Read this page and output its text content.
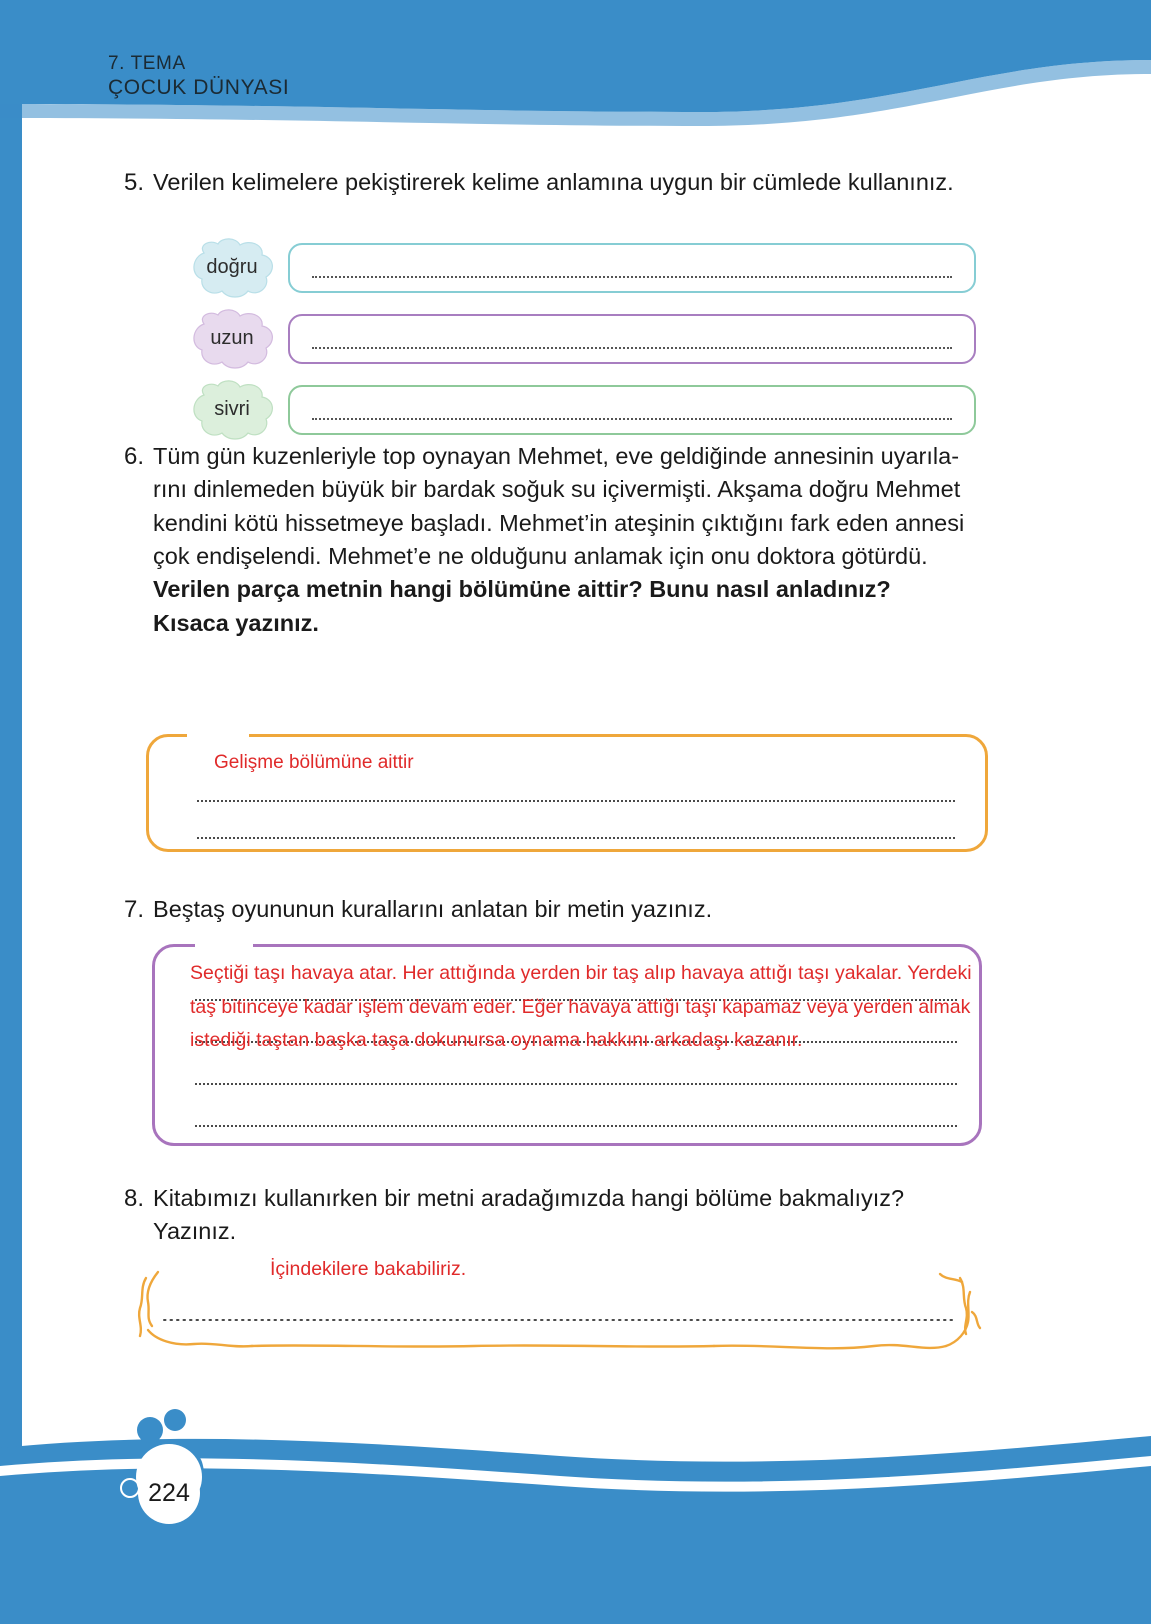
7. TEMA
ÇOCUK DÜNYASI
5. Verilen kelimelere pekiştirerek kelime anlamına uygun bir cümlede kullanınız.
doğru
uzun
sivri
6. Tüm gün kuzenleriyle top oynayan Mehmet, eve geldiğinde annesinin uyarıla-

rını dinlemeden büyük bir bardak soğuk su içivermişti. Akşama doğru Mehmet

kendini kötü hissetmeye başladı. Mehmet’in ateşinin çıktığını fark eden annesi

çok endişelendi. Mehmet’e ne olduğunu anlamak için onu doktora götürdü.

Verilen parça metnin hangi bölümüne aittir? Bunu nasıl anladınız?

Kısaca yazınız.

Gelişme bölümüne aittir
7. Beştaş oyununun kurallarını anlatan bir metin yazınız.
Seçtiği taşı havaya atar. Her attığında yerden bir taş alıp havaya attığı taşı yakalar. Yerdeki
taş bitinceye kadar işlem devam eder. Eğer havaya attığı taşı kapamaz veya yerden almak
istediği taştan başka taşa dokunursa oynama hakkını arkadaşı kazanır.
8. Kitabımızı kullanırken bir metni aradağımızda hangi bölüme bakmalıyız?

Yazınız.

İçindekilere bakabiliriz.
224
